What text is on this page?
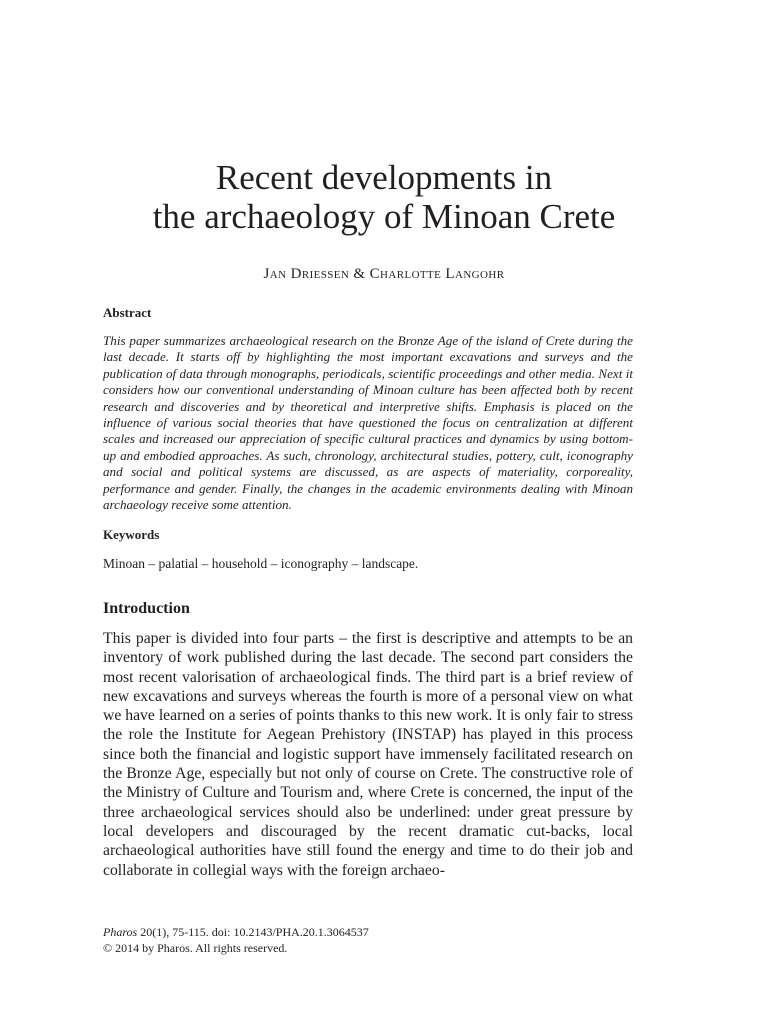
Recent developments in
the archaeology of Minoan Crete
Jan Driessen & Charlotte Langohr
Abstract

This paper summarizes archaeological research on the Bronze Age of the island of Crete during the last decade. It starts off by highlighting the most important excavations and surveys and the publication of data through monographs, periodicals, scientific proceedings and other media. Next it considers how our conventional understanding of Minoan culture has been affected both by recent research and discoveries and by theoretical and interpretive shifts. Emphasis is placed on the influence of various social theories that have questioned the focus on centralization at different scales and increased our appreciation of specific cultural practices and dynamics by using bottom-up and embodied approaches. As such, chronology, architectural studies, pottery, cult, iconography and social and political systems are discussed, as are aspects of materiality, corporeality, performance and gender. Finally, the changes in the academic environments dealing with Minoan archaeology receive some attention.

Keywords

Minoan – palatial – household – iconography – landscape.

Introduction

This paper is divided into four parts – the first is descriptive and attempts to be an inventory of work published during the last decade. The second part considers the most recent valorisation of archaeological finds. The third part is a brief review of new excavations and surveys whereas the fourth is more of a personal view on what we have learned on a series of points thanks to this new work. It is only fair to stress the role the Institute for Aegean Prehistory (INSTAP) has played in this process since both the financial and logistic support have immensely facilitated research on the Bronze Age, especially but not only of course on Crete. The constructive role of the Ministry of Culture and Tourism and, where Crete is concerned, the input of the three archaeological services should also be underlined: under great pressure by local developers and discouraged by the recent dramatic cut-backs, local archaeological authorities have still found the energy and time to do their job and collaborate in collegial ways with the foreign archaeo-

Pharos 20(1), 75-115. doi: 10.2143/PHA.20.1.3064537
© 2014 by Pharos. All rights reserved.
